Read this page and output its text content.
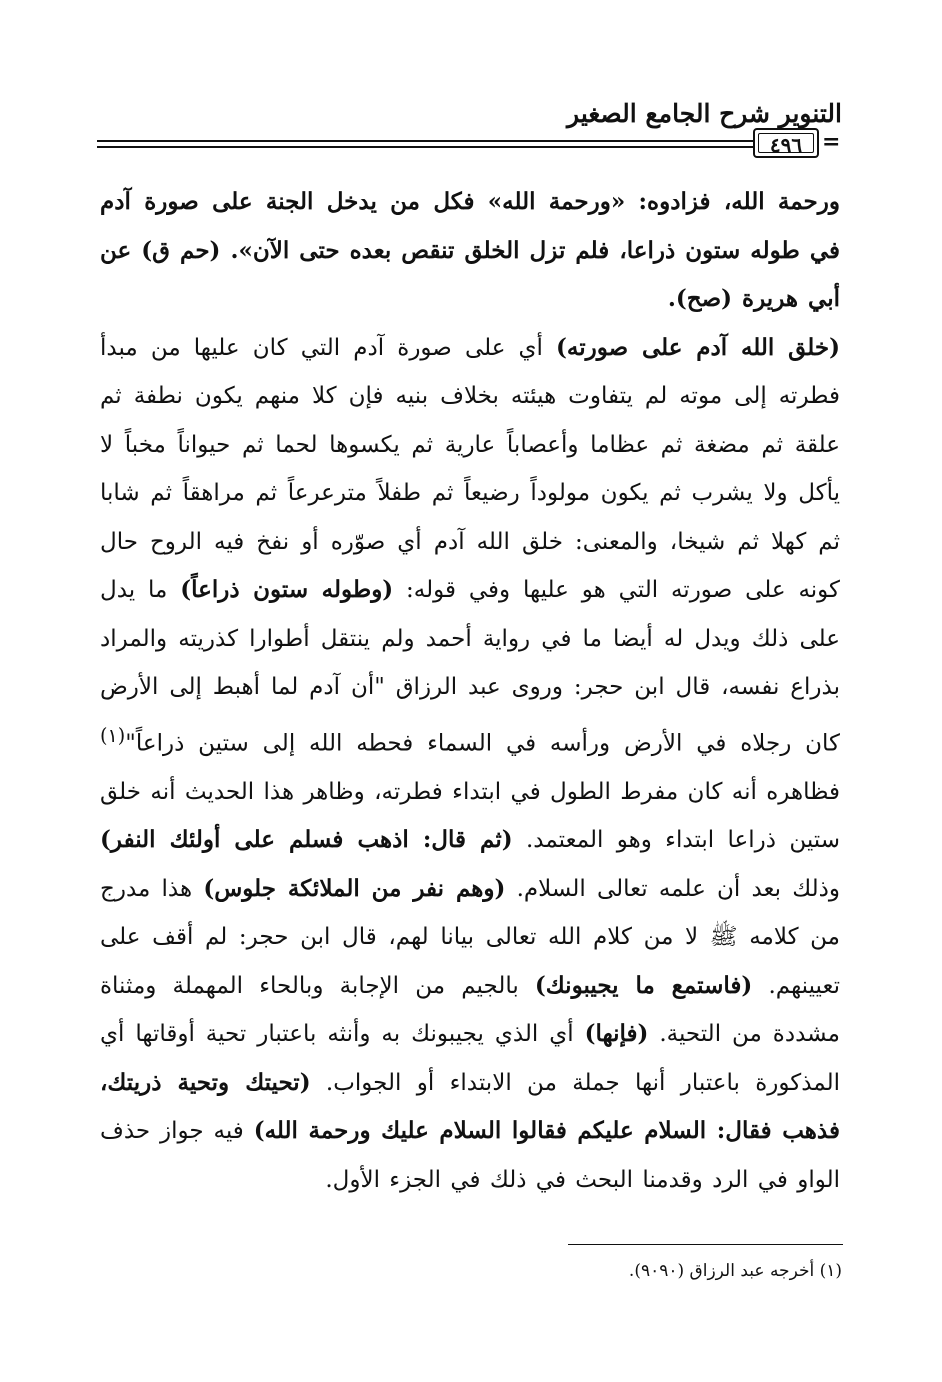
التنوير شرح الجامع الصغير
٤٩٦ =

ورحمة الله، فزادوه: «ورحمة الله» فكل من يدخل الجنة على صورة آدم في طوله ستون ذراعا، فلم تزل الخلق تنقص بعده حتى الآن». (حم ق) عن أبي هريرة (صح).

(خلق الله آدم على صورته) أي على صورة آدم التي كان عليها من مبدأ فطرته إلى موته لم يتفاوت هيئته بخلاف بنيه فإن كلا منهم يكون نطفة ثم علقة ثم مضغة ثم عظاما وأعصاباً عارية ثم يكسوها لحما ثم حيواناً مخباً لا يأكل ولا يشرب ثم يكون مولوداً رضيعاً ثم طفلاً مترعرعاً ثم مراهقاً ثم شابا ثم كهلا ثم شيخا، والمعنى: خلق الله آدم أي صوّره أو نفخ فيه الروح حال كونه على صورته التي هو عليها وفي قوله: (وطوله ستون ذراعاً) ما يدل على ذلك ويدل له أيضا ما في رواية أحمد ولم ينتقل أطوارا كذريته والمراد بذراع نفسه، قال ابن حجر: وروى عبد الرزاق "أن آدم لما أهبط إلى الأرض كان رجلاه في الأرض ورأسه في السماء فحطه الله إلى ستين ذراعاً"$^{(١)}$ فظاهره أنه كان مفرط الطول في ابتداء فطرته، وظاهر هذا الحديث أنه خلق ستين ذراعا ابتداء وهو المعتمد. (ثم قال: اذهب فسلم على أولئك النفر) وذلك بعد أن علمه تعالى السلام. (وهم نفر من الملائكة جلوس) هذا مدرج من كلامه ﷺ لا من كلام الله تعالى بيانا لهم، قال ابن حجر: لم أقف على تعيينهم. (فاستمع ما يجيبونك) بالجيم من الإجابة وبالحاء المهملة ومثناة مشددة من التحية. (فإنها) أي الذي يجيبونك به وأنثه باعتبار تحية أوقاتها أي المذكورة باعتبار أنها جملة من الابتداء أو الجواب. (تحيتك وتحية ذريتك، فذهب فقال: السلام عليكم فقالوا السلام عليك ورحمة الله) فيه جواز حذف الواو في الرد وقدمنا البحث في ذلك في الجزء الأول.

(١) أخرجه عبد الرزاق (٩٠٩٠).
